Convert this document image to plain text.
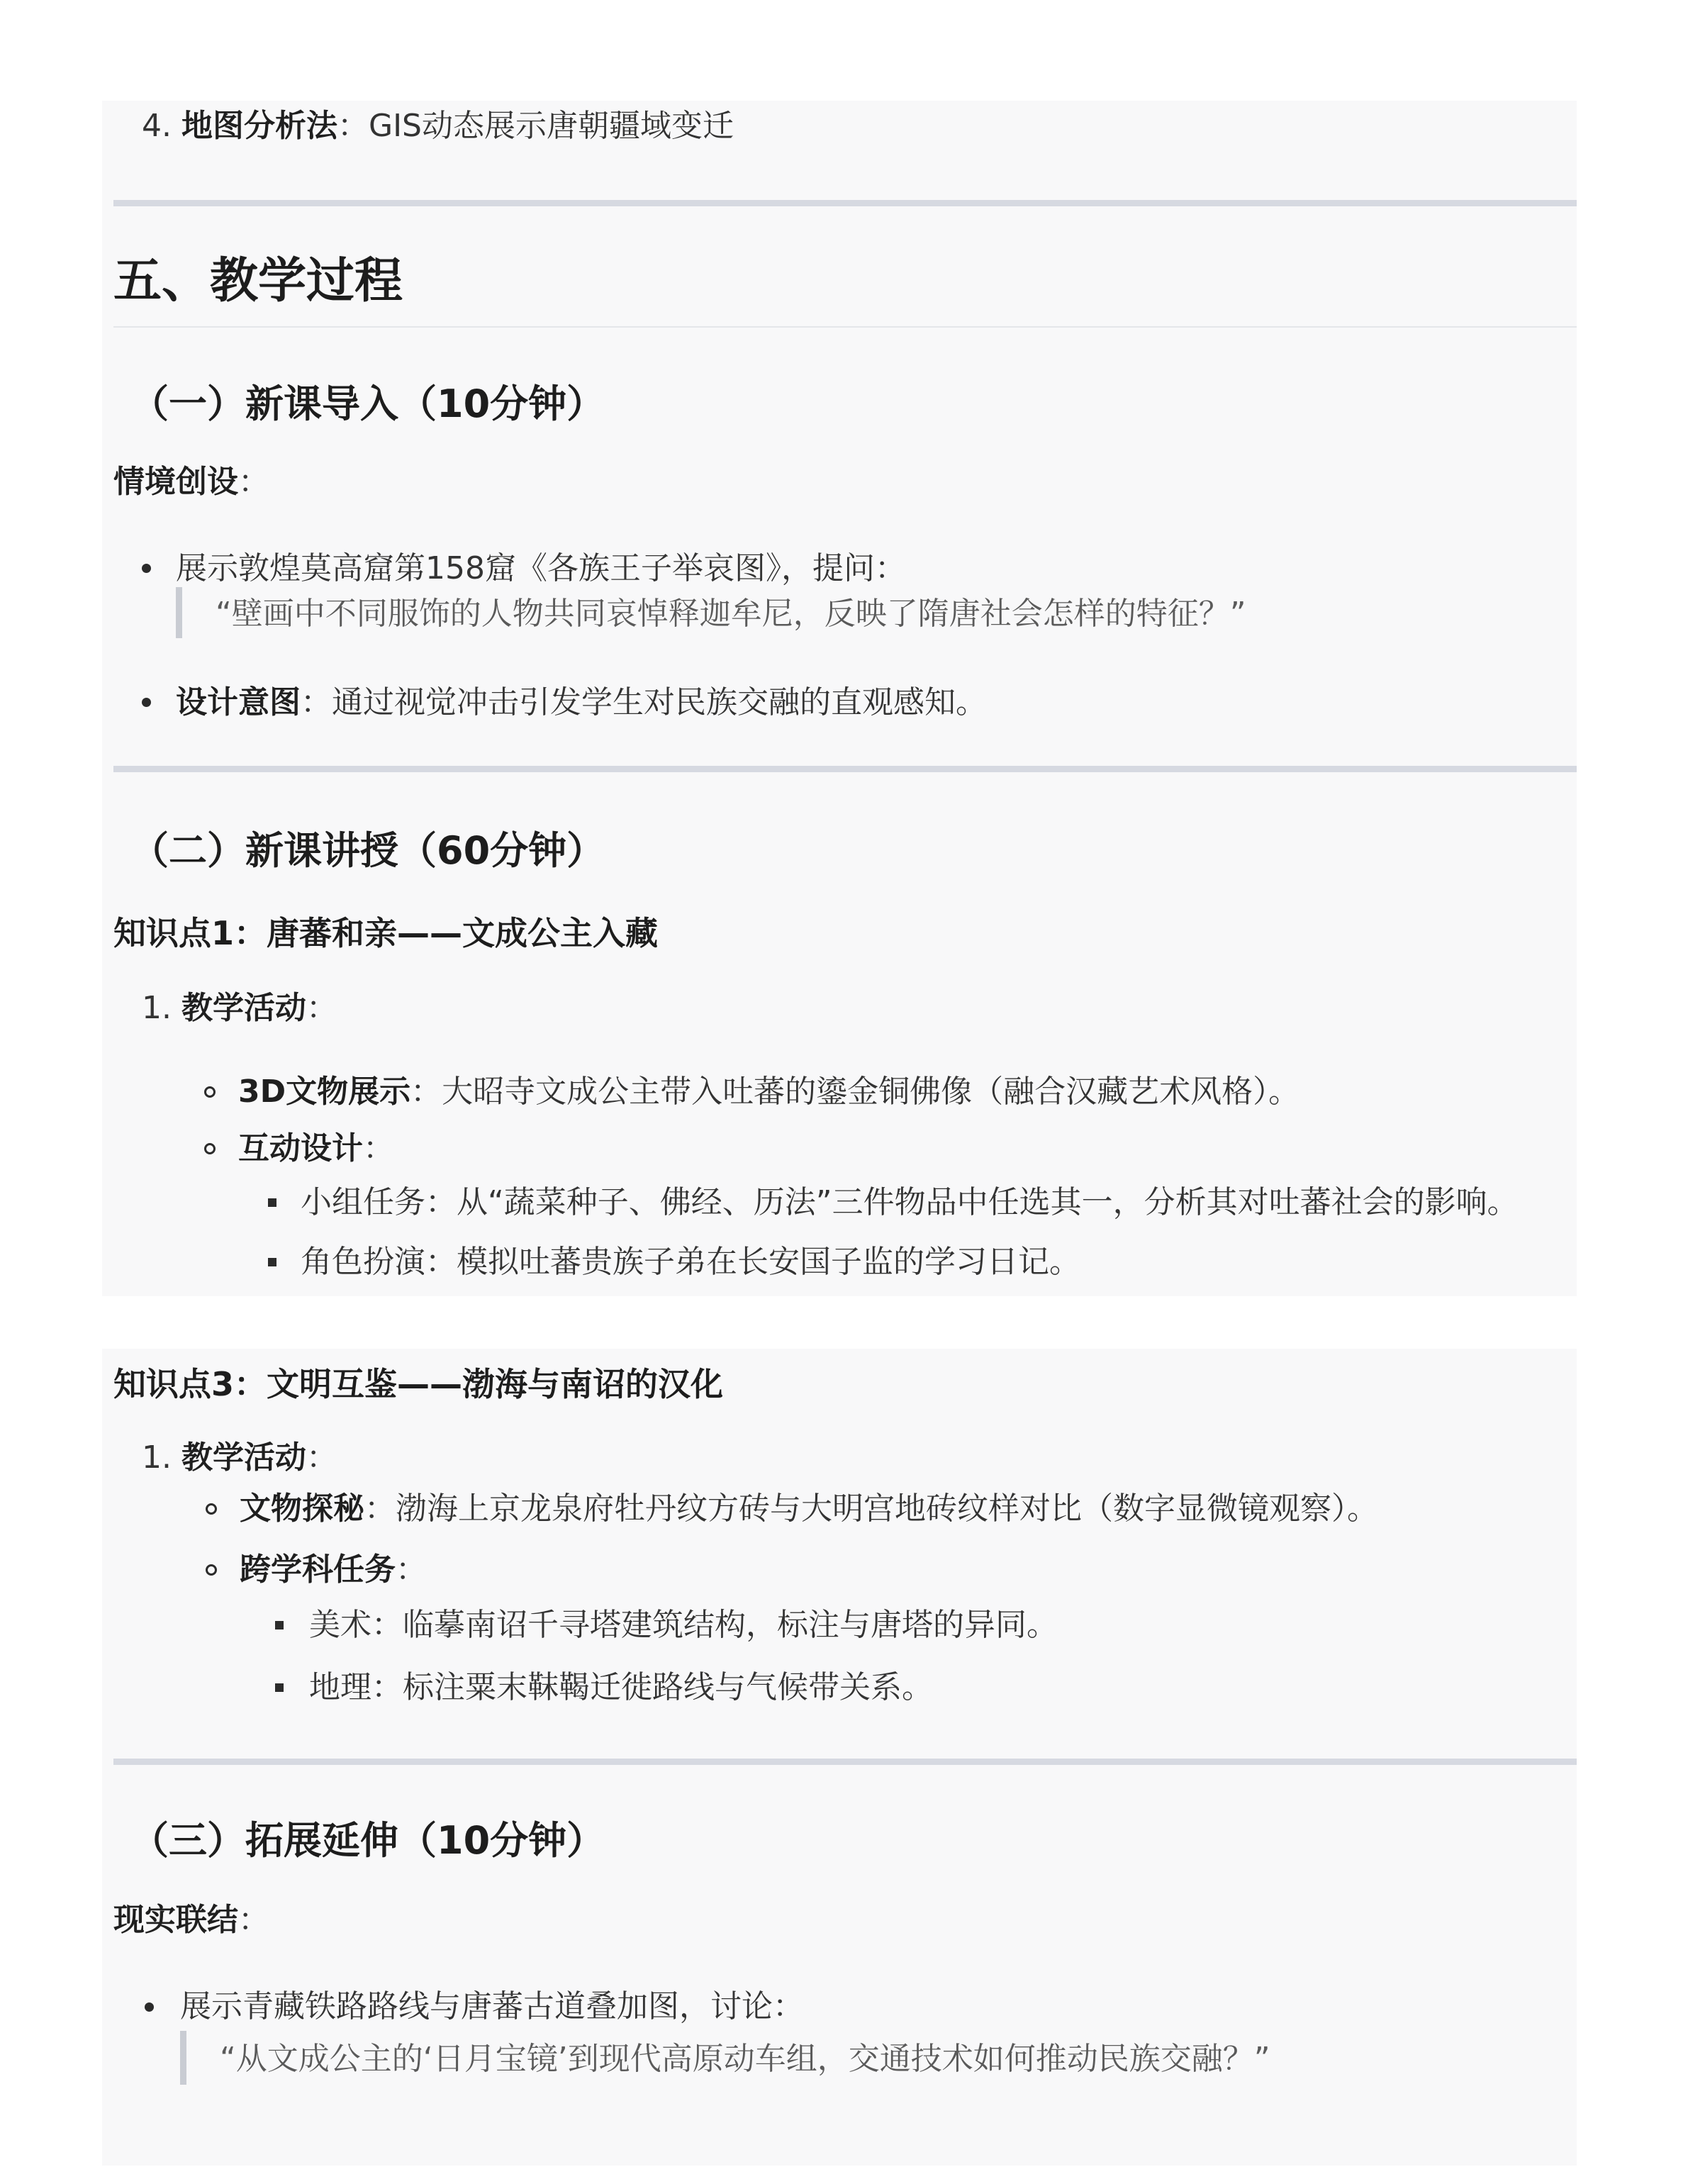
4. 地图分析法：GIS动态展示唐朝疆域变迁
五、教学过程
（一）新课导入（10分钟）
情境创设：
展示敦煌莫高窟第158窟《各族王子举哀图》，提问：
“壁画中不同服饰的人物共同哀悼释迦牟尼，反映了隋唐社会怎样的特征？”
设计意图：通过视觉冲击引发学生对民族交融的直观感知。
（二）新课讲授（60分钟）
知识点1：唐蕃和亲——文成公主入藏
1. 教学活动：
3D文物展示：大昭寺文成公主带入吐蕃的鎏金铜佛像（融合汉藏艺术风格）。
互动设计：
小组任务：从“蔬菜种子、佛经、历法”三件物品中任选其一，分析其对吐蕃社会的影响。
角色扮演：模拟吐蕃贵族子弟在长安国子监的学习日记。
知识点3：文明互鉴——渤海与南诏的汉化
1. 教学活动：
文物探秘：渤海上京龙泉府牡丹纹方砖与大明宫地砖纹样对比（数字显微镜观察）。
跨学科任务：
美术：临摹南诏千寻塔建筑结构，标注与唐塔的异同。
地理：标注粟末靺鞨迁徙路线与气候带关系。
（三）拓展延伸（10分钟）
现实联结：
展示青藏铁路路线与唐蕃古道叠加图，讨论：
“从文成公主的‘日月宝镜’到现代高原动车组，交通技术如何推动民族交融？”
